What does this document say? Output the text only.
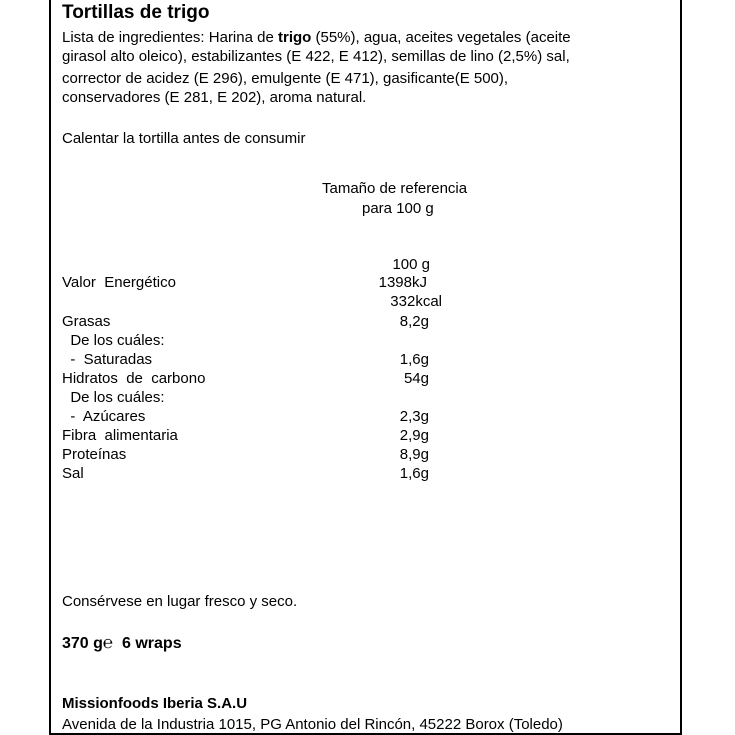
Tortillas de trigo
Lista de ingredientes: Harina de trigo (55%), agua, aceites vegetales (aceite
girasol alto oleico), estabilizantes (E 422, E 412), semillas de lino (2,5%) sal,
corrector de acidez (E 296), emulgente (E 471), gasificante(E 500),
conservadores (E 281, E 202), aroma natural.
Calentar la tortilla antes de consumir
Tamaño de referencia
para 100 g
100 g
Valor  Energético	1398kJ
332kcal
Grasas	8,2g
De los cuáles:
-  Saturadas	1,6g
Hidratos  de  carbono	54g
De los cuáles:
-  Azúcares	2,3g
Fibra  alimentaria	2,9g
Proteínas	8,9g
Sal	1,6g
Consérvese en lugar fresco y seco.
370 g℮ 6 wraps
Missionfoods Iberia S.A.U
Avenida de la Industria 1015, PG Antonio del Rincón, 45222 Borox (Toledo)
